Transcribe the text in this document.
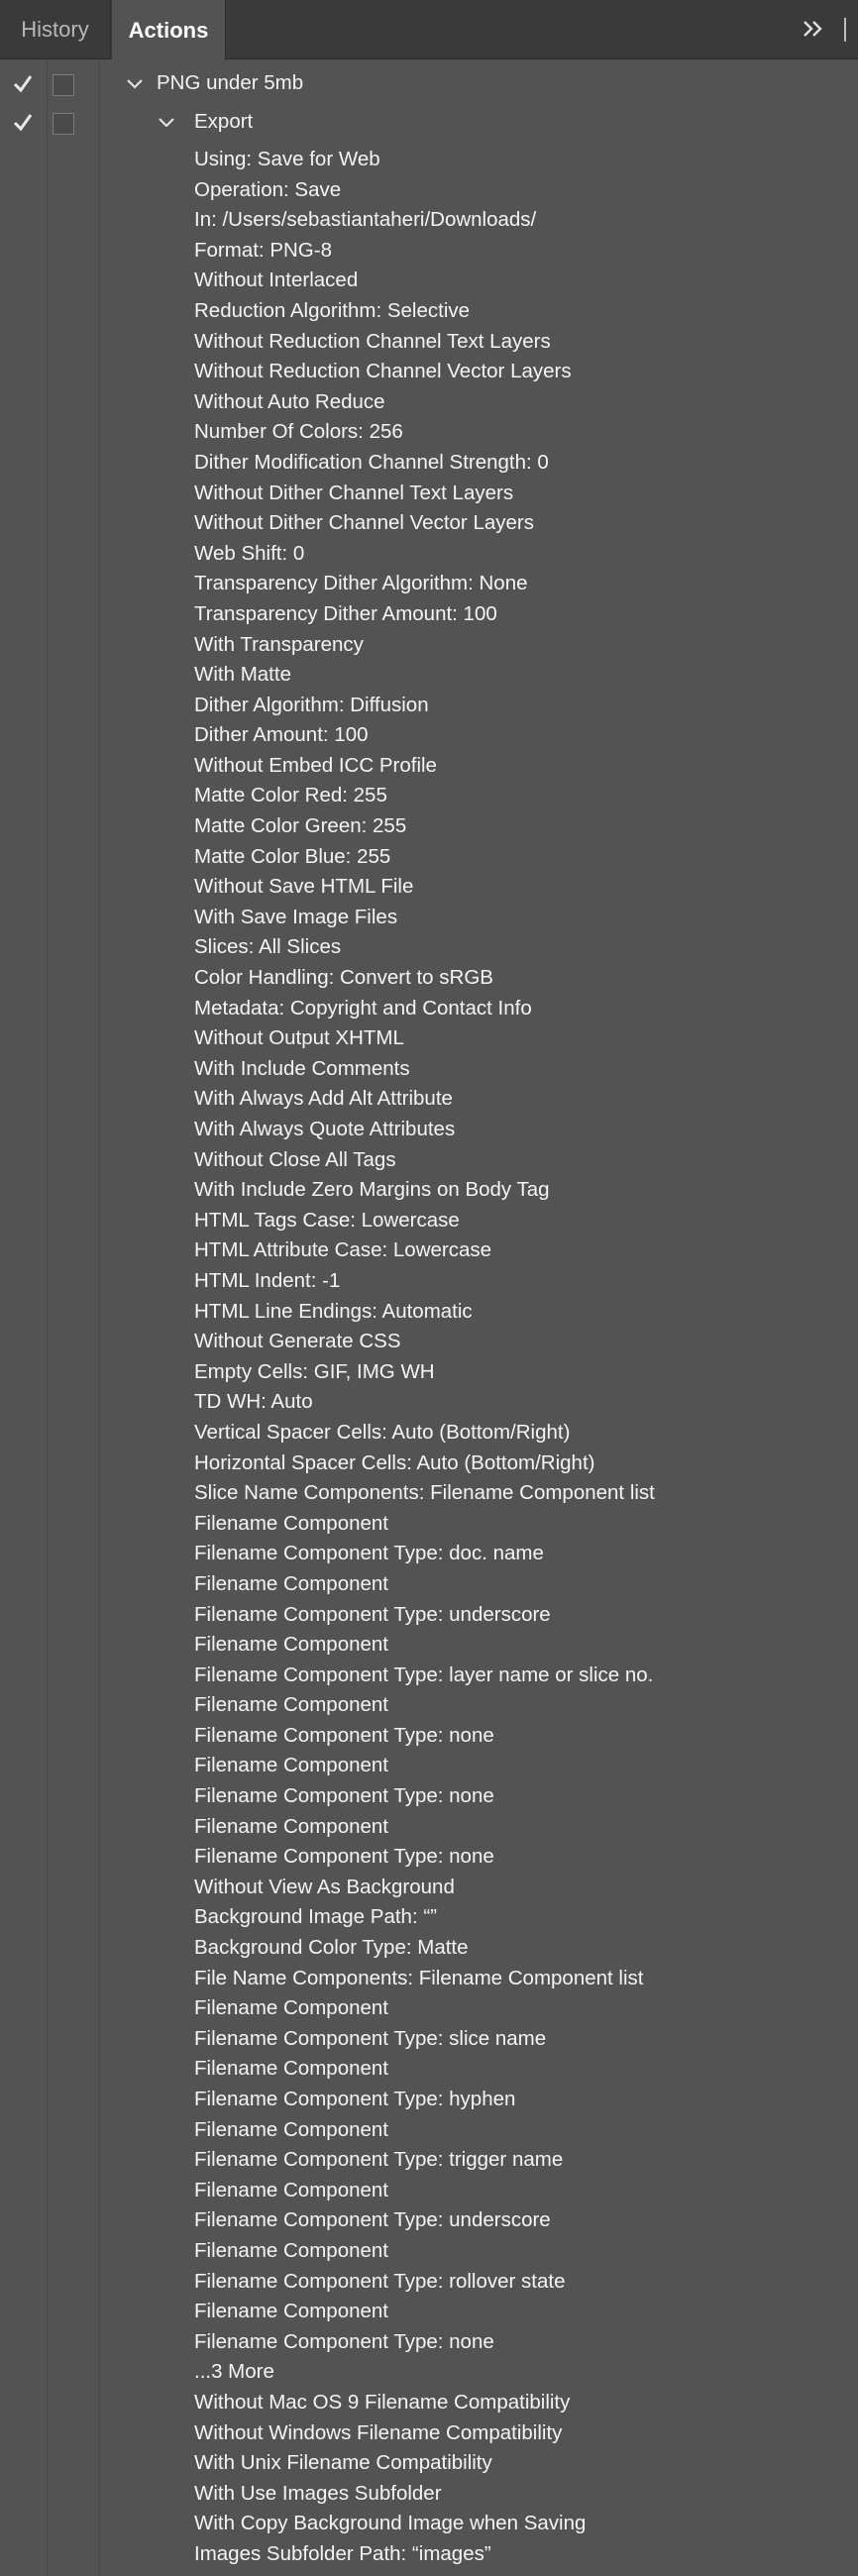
History	Actions
PNG under 5mb
Export
Using: Save for Web
Operation: Save
In: /Users/sebastiantaheri/Downloads/
Format: PNG-8
Without Interlaced
Reduction Algorithm: Selective
Without Reduction Channel Text Layers
Without Reduction Channel Vector Layers
Without Auto Reduce
Number Of Colors: 256
Dither Modification Channel Strength: 0
Without Dither Channel Text Layers
Without Dither Channel Vector Layers
Web Shift: 0
Transparency Dither Algorithm: None
Transparency Dither Amount: 100
With Transparency
With Matte
Dither Algorithm: Diffusion
Dither Amount: 100
Without Embed ICC Profile
Matte Color Red: 255
Matte Color Green: 255
Matte Color Blue: 255
Without Save HTML File
With Save Image Files
Slices: All Slices
Color Handling: Convert to sRGB
Metadata: Copyright and Contact Info
Without Output XHTML
With Include Comments
With Always Add Alt Attribute
With Always Quote Attributes
Without Close All Tags
With Include Zero Margins on Body Tag
HTML Tags Case: Lowercase
HTML Attribute Case: Lowercase
HTML Indent: -1
HTML Line Endings: Automatic
Without Generate CSS
Empty Cells: GIF, IMG WH
TD WH: Auto
Vertical Spacer Cells: Auto (Bottom/Right)
Horizontal Spacer Cells: Auto (Bottom/Right)
Slice Name Components: Filename Component list
Filename Component
Filename Component Type: doc. name
Filename Component
Filename Component Type: underscore
Filename Component
Filename Component Type: layer name or slice no.
Filename Component
Filename Component Type: none
Filename Component
Filename Component Type: none
Filename Component
Filename Component Type: none
Without View As Background
Background Image Path: “”
Background Color Type: Matte
File Name Components: Filename Component list
Filename Component
Filename Component Type: slice name
Filename Component
Filename Component Type: hyphen
Filename Component
Filename Component Type: trigger name
Filename Component
Filename Component Type: underscore
Filename Component
Filename Component Type: rollover state
Filename Component
Filename Component Type: none
...3 More
Without Mac OS 9 Filename Compatibility
Without Windows Filename Compatibility
With Unix Filename Compatibility
With Use Images Subfolder
With Copy Background Image when Saving
Images Subfolder Path: “images”
